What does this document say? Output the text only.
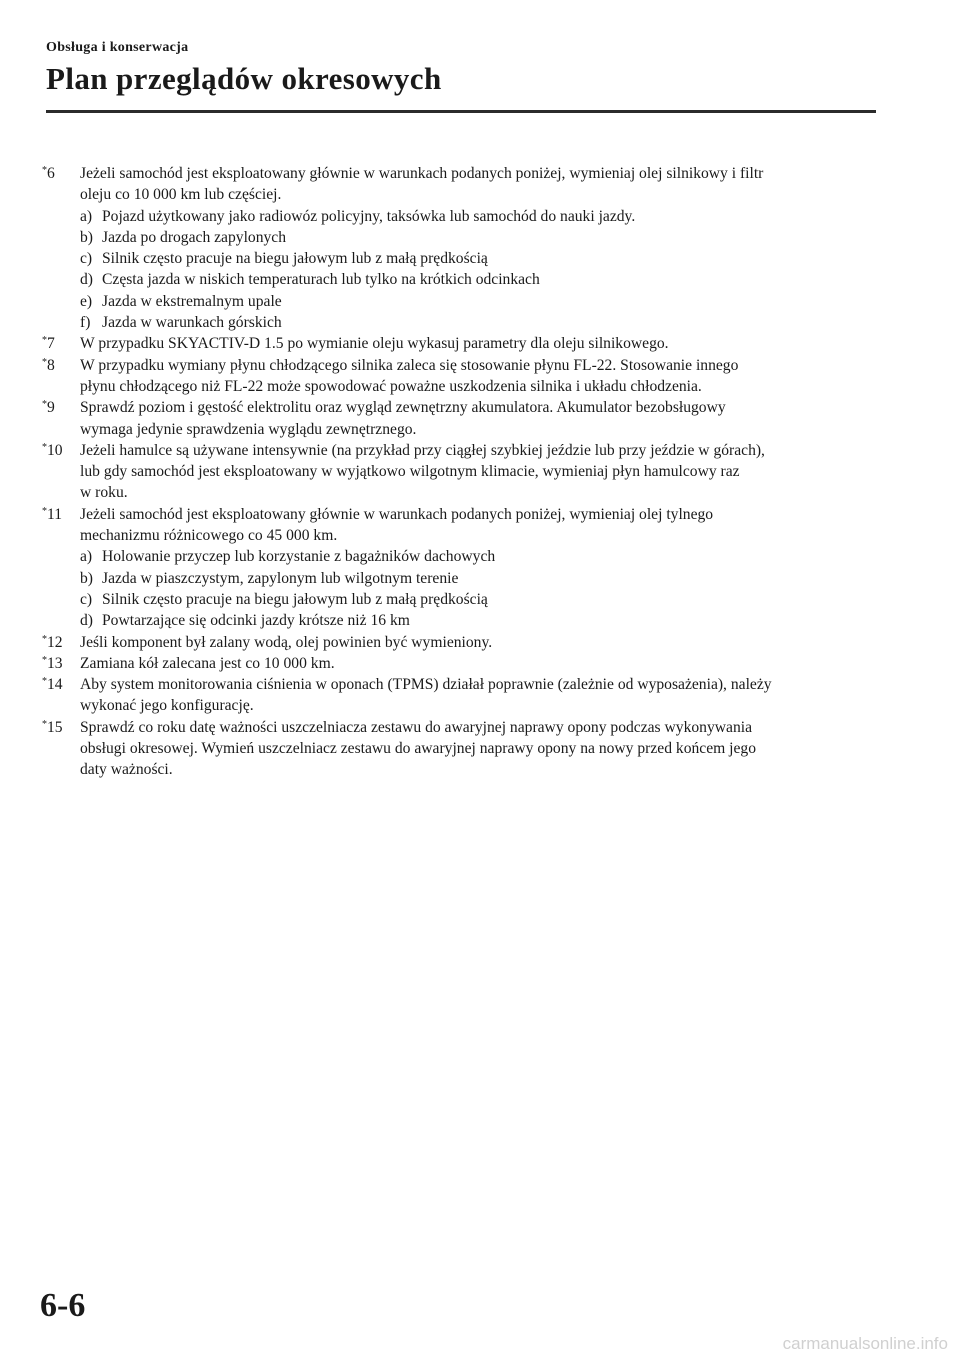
Obsługa i konserwacja
Plan przeglądów okresowych
*6	Jeżeli samochód jest eksploatowany głównie w warunkach podanych poniżej, wymieniaj olej silnikowy i filtr
oleju co 10 000 km lub częściej.
a) Pojazd użytkowany jako radiowóz policyjny, taksówka lub samochód do nauki jazdy.
b) Jazda po drogach zapylonych
c) Silnik często pracuje na biegu jałowym lub z małą prędkością
d) Częsta jazda w niskich temperaturach lub tylko na krótkich odcinkach
e) Jazda w ekstremalnym upale
f) Jazda w warunkach górskich
*7	W przypadku SKYACTIV-D 1.5 po wymianie oleju wykasuj parametry dla oleju silnikowego.
*8	W przypadku wymiany płynu chłodzącego silnika zaleca się stosowanie płynu FL-22. Stosowanie innego
płynu chłodzącego niż FL-22 może spowodować poważne uszkodzenia silnika i układu chłodzenia.
*9	Sprawdź poziom i gęstość elektrolitu oraz wygląd zewnętrzny akumulatora. Akumulator bezobsługowy
wymaga jedynie sprawdzenia wyglądu zewnętrznego.
*10	Jeżeli hamulce są używane intensywnie (na przykład przy ciągłej szybkiej jeździe lub przy jeździe w górach),
lub gdy samochód jest eksploatowany w wyjątkowo wilgotnym klimacie, wymieniaj płyn hamulcowy raz
w roku.
*11	Jeżeli samochód jest eksploatowany głównie w warunkach podanych poniżej, wymieniaj olej tylnego
mechanizmu różnicowego co 45 000 km.
a) Holowanie przyczep lub korzystanie z bagażników dachowych
b) Jazda w piaszczystym, zapylonym lub wilgotnym terenie
c) Silnik często pracuje na biegu jałowym lub z małą prędkością
d) Powtarzające się odcinki jazdy krótsze niż 16 km
*12	Jeśli komponent był zalany wodą, olej powinien być wymieniony.
*13	Zamiana kół zalecana jest co 10 000 km.
*14	Aby system monitorowania ciśnienia w oponach (TPMS) działał poprawnie (zależnie od wyposażenia), należy
wykonać jego konfigurację.
*15	Sprawdź co roku datę ważności uszczelniacza zestawu do awaryjnej naprawy opony podczas wykonywania
obsługi okresowej. Wymień uszczelniacz zestawu do awaryjnej naprawy opony na nowy przed końcem jego
daty ważności.
6-6
carmanualsonline.info
